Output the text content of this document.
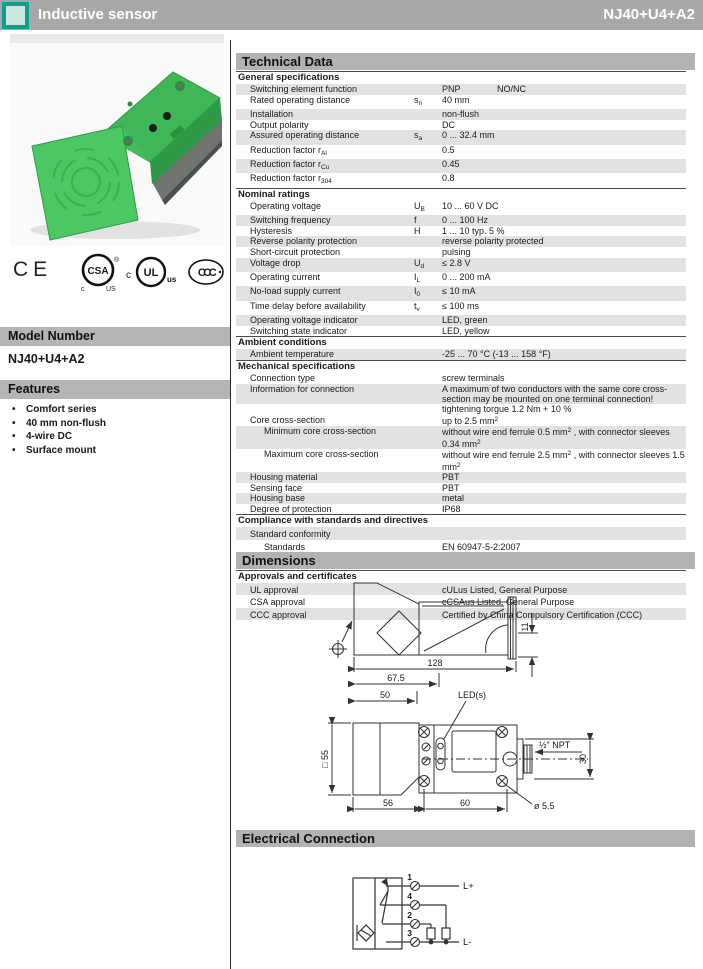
Inductive sensor	NJ40+U4+A2
CE	CSA
®
c	US
c UL
us
CCC
Model Number
NJ40+U4+A2
Features
• Comfort series
• 40 mm non-flush
• 4-wire DC
• Surface mount
Technical Data
General specifications
Switching element function	PNP	NO/NC
Rated operating distance	$s_n$	40 mm
Installation	non-flush
Output polarity	DC
Assured operating distance	$s_a$	0 ... 32.4 mm
Reduction factor $r_{Al}$	0.5
Reduction factor $r_{Cu}$	0.45
Reduction factor $r_{304}$	0.8
Nominal ratings
Operating voltage	$U_B$	10 ... 60 V DC
Switching frequency	f	0 ... 100 Hz
Hysteresis	H	1 ... 10 typ. 5 %
Reverse polarity protection	reverse polarity protected
Short-circuit protection	pulsing
Voltage drop	$U_d$	≤ 2.8 V
Operating current	$I_L$	0 ... 200 mA
No-load supply current	$I_0$	≤ 10 mA
Time delay before availability	$t_v$	≤ 100 ms
Operating voltage indicator	LED, green
Switching state indicator	LED, yellow
Ambient conditions
Ambient temperature	-25 ... 70 °C (-13 ... 158 °F)
Mechanical specifications
Connection type	screw terminals
Information for connection	A maximum of two conductors with the same core cross-section may be mounted on one terminal connection!
tightening torgue 1.2 Nm + 10 %
Core cross-section	up to 2.5 $mm^2$
Minimum core cross-section	without wire end ferrule 0.5 $mm^2$ , with connector sleeves 0.34 $mm^2$
Maximum core cross-section	without wire end ferrule 2.5 $mm^2$ , with connector sleeves 1.5 $mm^2$
Housing material	PBT
Sensing face	PBT
Housing base	metal
Degree of protection	IP68
Compliance with standards and directives
Standard conformity
Standards	EN 60947-5-2:2007

Approvals and certificates
UL approval	cULus Listed, General Purpose
CSA approval	cCSAus Listed, General Purpose
CCC approval	Certified by China Compulsory Certification (CCC)
Dimensions
128
67.5
50
56	60
11
30
□ 55
ø 5.5
LED(s)
½" NPT
Electrical Connection
1
4
2
3
L+
L-
